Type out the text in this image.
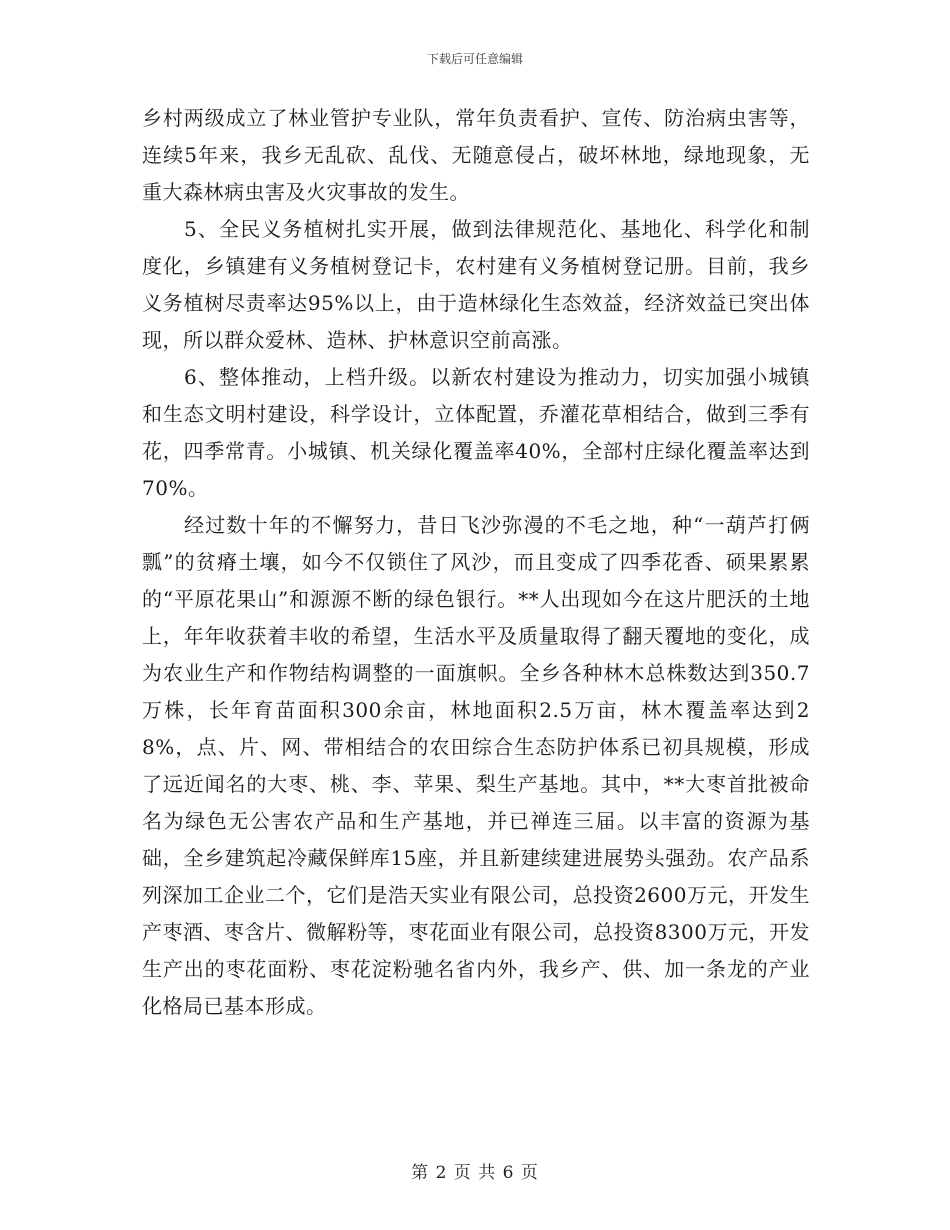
下载后可任意编辑

乡村两级成立了林业管护专业队，常年负责看护、宣传、防治病虫害等，连续5年来，我乡无乱砍、乱伐、无随意侵占，破坏林地，绿地现象，无重大森林病虫害及火灾事故的发生。

5、全民义务植树扎实开展，做到法律规范化、基地化、科学化和制度化，乡镇建有义务植树登记卡，农村建有义务植树登记册。目前，我乡义务植树尽责率达95%以上，由于造林绿化生态效益，经济效益已突出体现，所以群众爱林、造林、护林意识空前高涨。

6、整体推动，上档升级。以新农村建设为推动力，切实加强小城镇和生态文明村建设，科学设计，立体配置，乔灌花草相结合，做到三季有花，四季常青。小城镇、机关绿化覆盖率40%，全部村庄绿化覆盖率达到70%。

经过数十年的不懈努力，昔日飞沙弥漫的不毛之地，种“一葫芦打俩瓢”的贫瘠土壤，如今不仅锁住了风沙，而且变成了四季花香、硕果累累的“平原花果山”和源源不断的绿色银行。**人出现如今在这片肥沃的土地上，年年收获着丰收的希望，生活水平及质量取得了翻天覆地的变化，成为农业生产和作物结构调整的一面旗帜。全乡各种林木总株数达到350.7万株，长年育苗面积300余亩，林地面积2.5万亩，林木覆盖率达到28%，点、片、网、带相结合的农田综合生态防护体系已初具规模，形成了远近闻名的大枣、桃、李、苹果、梨生产基地。其中，**大枣首批被命名为绿色无公害农产品和生产基地，并已禅连三届。以丰富的资源为基础，全乡建筑起冷藏保鲜库15座，并且新建续建进展势头强劲。农产品系列深加工企业二个，它们是浩天实业有限公司，总投资2600万元，开发生产枣酒、枣含片、微解粉等，枣花面业有限公司，总投资8300万元，开发生产出的枣花面粉、枣花淀粉驰名省内外，我乡产、供、加一条龙的产业化格局已基本形成。

第 2 页 共 6 页
